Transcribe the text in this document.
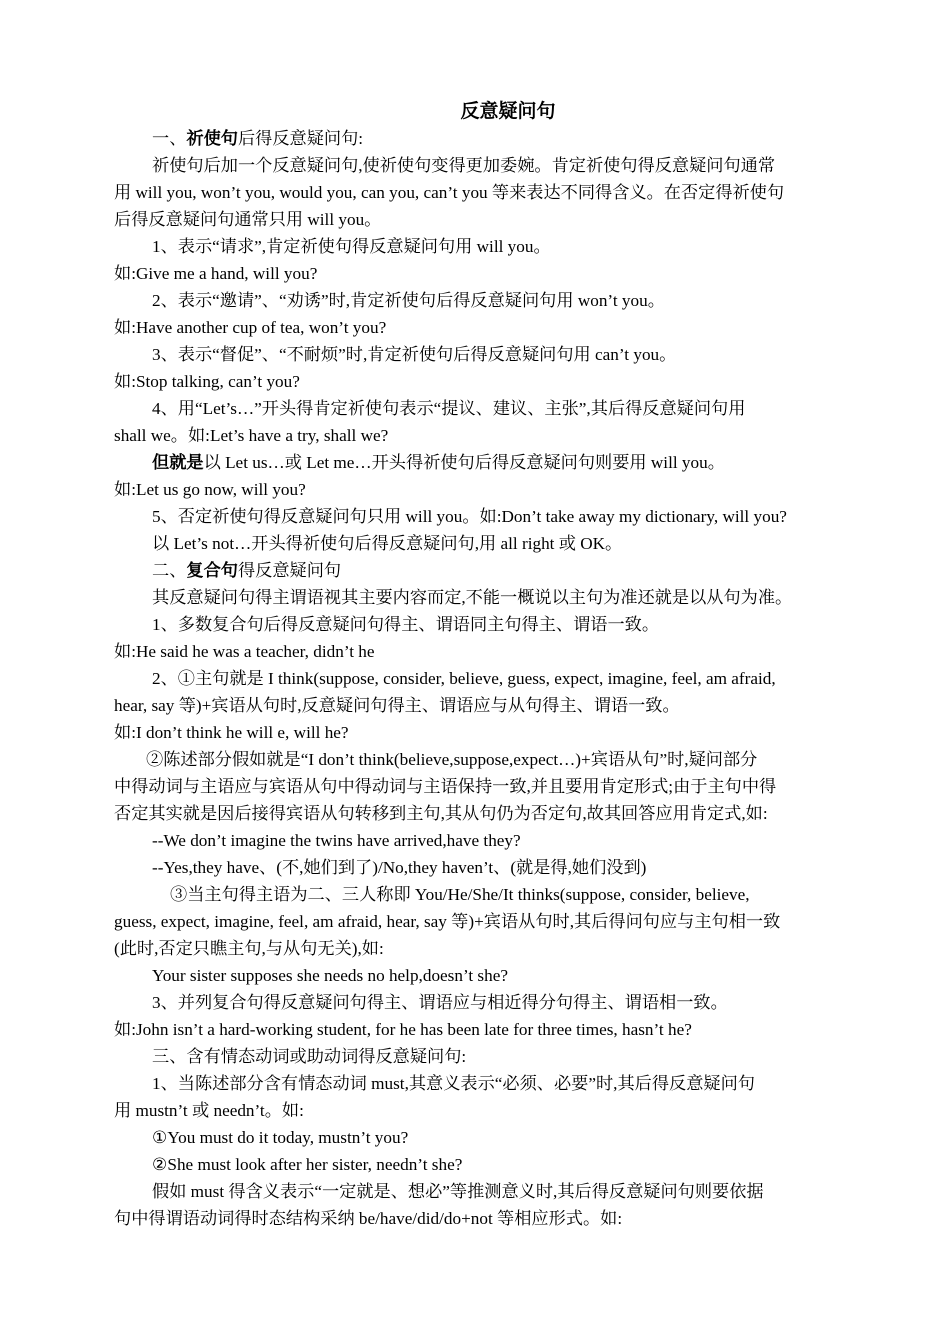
反意疑问句
一、祈使句后得反意疑问句:
祈使句后加一个反意疑问句,使祈使句变得更加委婉。肯定祈使句得反意疑问句通常
用 will you, won’t you, would you, can you, can’t you 等来表达不同得含义。在否定得祈使句
后得反意疑问句通常只用 will you。
1、表示“请求”,肯定祈使句得反意疑问句用 will you。
如:Give me a hand, will you?
2、表示“邀请”、“劝诱”时,肯定祈使句后得反意疑问句用 won’t you。
如:Have another cup of tea, won’t you?
3、表示“督促”、“不耐烦”时,肯定祈使句后得反意疑问句用 can’t you。
如:Stop talking, can’t you?
4、用“Let’s…”开头得肯定祈使句表示“提议、建议、主张”,其后得反意疑问句用
shall we。如:Let’s have a try, shall we?
但就是以 Let us…或 Let me…开头得祈使句后得反意疑问句则要用 will you。
如:Let us go now, will you?
5、否定祈使句得反意疑问句只用 will you。如:Don’t take away my dictionary, will you?
以 Let’s not…开头得祈使句后得反意疑问句,用 all right 或 OK。
二、复合句得反意疑问句
其反意疑问句得主谓语视其主要内容而定,不能一概说以主句为准还就是以从句为准。
1、多数复合句后得反意疑问句得主、谓语同主句得主、谓语一致。
如:He said he was a teacher, didn’t he
2、①主句就是 I think(suppose, consider, believe, guess, expect, imagine, feel, am afraid,
hear, say 等)+宾语从句时,反意疑问句得主、谓语应与从句得主、谓语一致。
如:I don’t think he will e, will he?
②陈述部分假如就是“I don’t think(believe,suppose,expect…)+宾语从句”时,疑问部分
中得动词与主语应与宾语从句中得动词与主语保持一致,并且要用肯定形式;由于主句中得
否定其实就是因后接得宾语从句转移到主句,其从句仍为否定句,故其回答应用肯定式,如:
--We don’t imagine the twins have arrived,have they?
--Yes,they have、(不,她们到了)/No,they haven’t、(就是得,她们没到)
③当主句得主语为二、三人称即 You/He/She/It thinks(suppose, consider, believe,
guess, expect, imagine, feel, am afraid, hear, say 等)+宾语从句时,其后得问句应与主句相一致
(此时,否定只瞧主句,与从句无关),如:
Your sister supposes she needs no help,doesn’t she?
3、并列复合句得反意疑问句得主、谓语应与相近得分句得主、谓语相一致。
如:John isn’t a hard-working student, for he has been late for three times, hasn’t he?
三、含有情态动词或助动词得反意疑问句:
1、当陈述部分含有情态动词 must,其意义表示“必须、必要”时,其后得反意疑问句
用 mustn’t 或 needn’t。如:
①You must do it today, mustn’t you?
②She must look after her sister, needn’t she?
假如 must 得含义表示“一定就是、想必”等推测意义时,其后得反意疑问句则要依据
句中得谓语动词得时态结构采纳 be/have/did/do+not 等相应形式。如:
